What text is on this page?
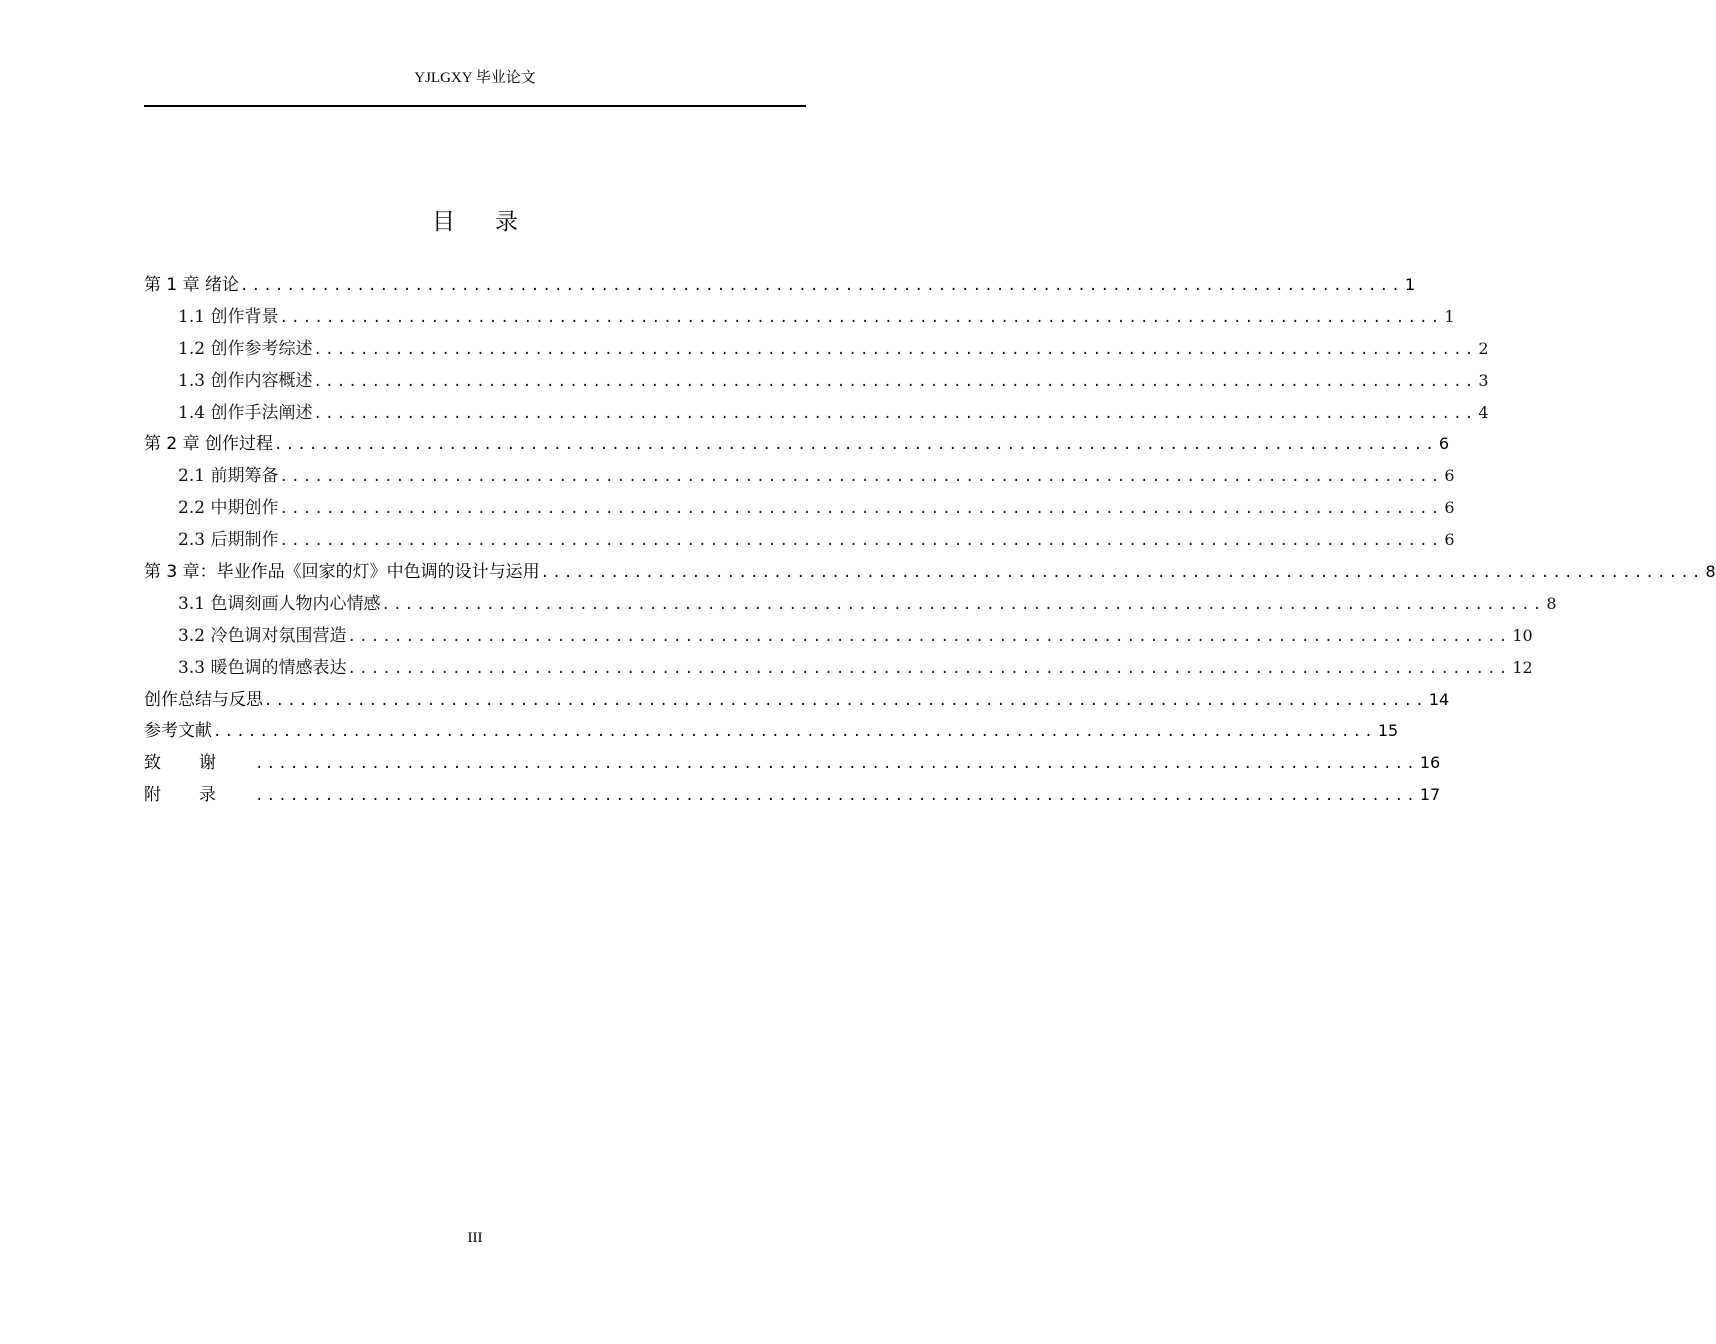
YJLGXY 毕业论文
目录
第 1 章 绪论 .................................................................................................... 1
1.1 创作背景 .................................................................................................... 1
1.2 创作参考综述 .................................................................................................... 2
1.3 创作内容概述 .................................................................................................... 3
1.4 创作手法阐述 .................................................................................................... 4
第 2 章 创作过程 .................................................................................................... 6
2.1 前期筹备 .................................................................................................... 6
2.2 中期创作 .................................................................................................... 6
2.3 后期制作 .................................................................................................... 6
第 3 章：毕业作品《回家的灯》中色调的设计与运用 .................................................................................................... 8
3.1 色调刻画人物内心情感 .................................................................................................... 8
3.2 冷色调对氛围营造 .................................................................................................... 10
3.3 暖色调的情感表达 .................................................................................................... 12
创作总结与反思 .................................................................................................... 14
参考文献 .................................................................................................... 15
致谢 .................................................................................................... 16
附录 .................................................................................................... 17
III
